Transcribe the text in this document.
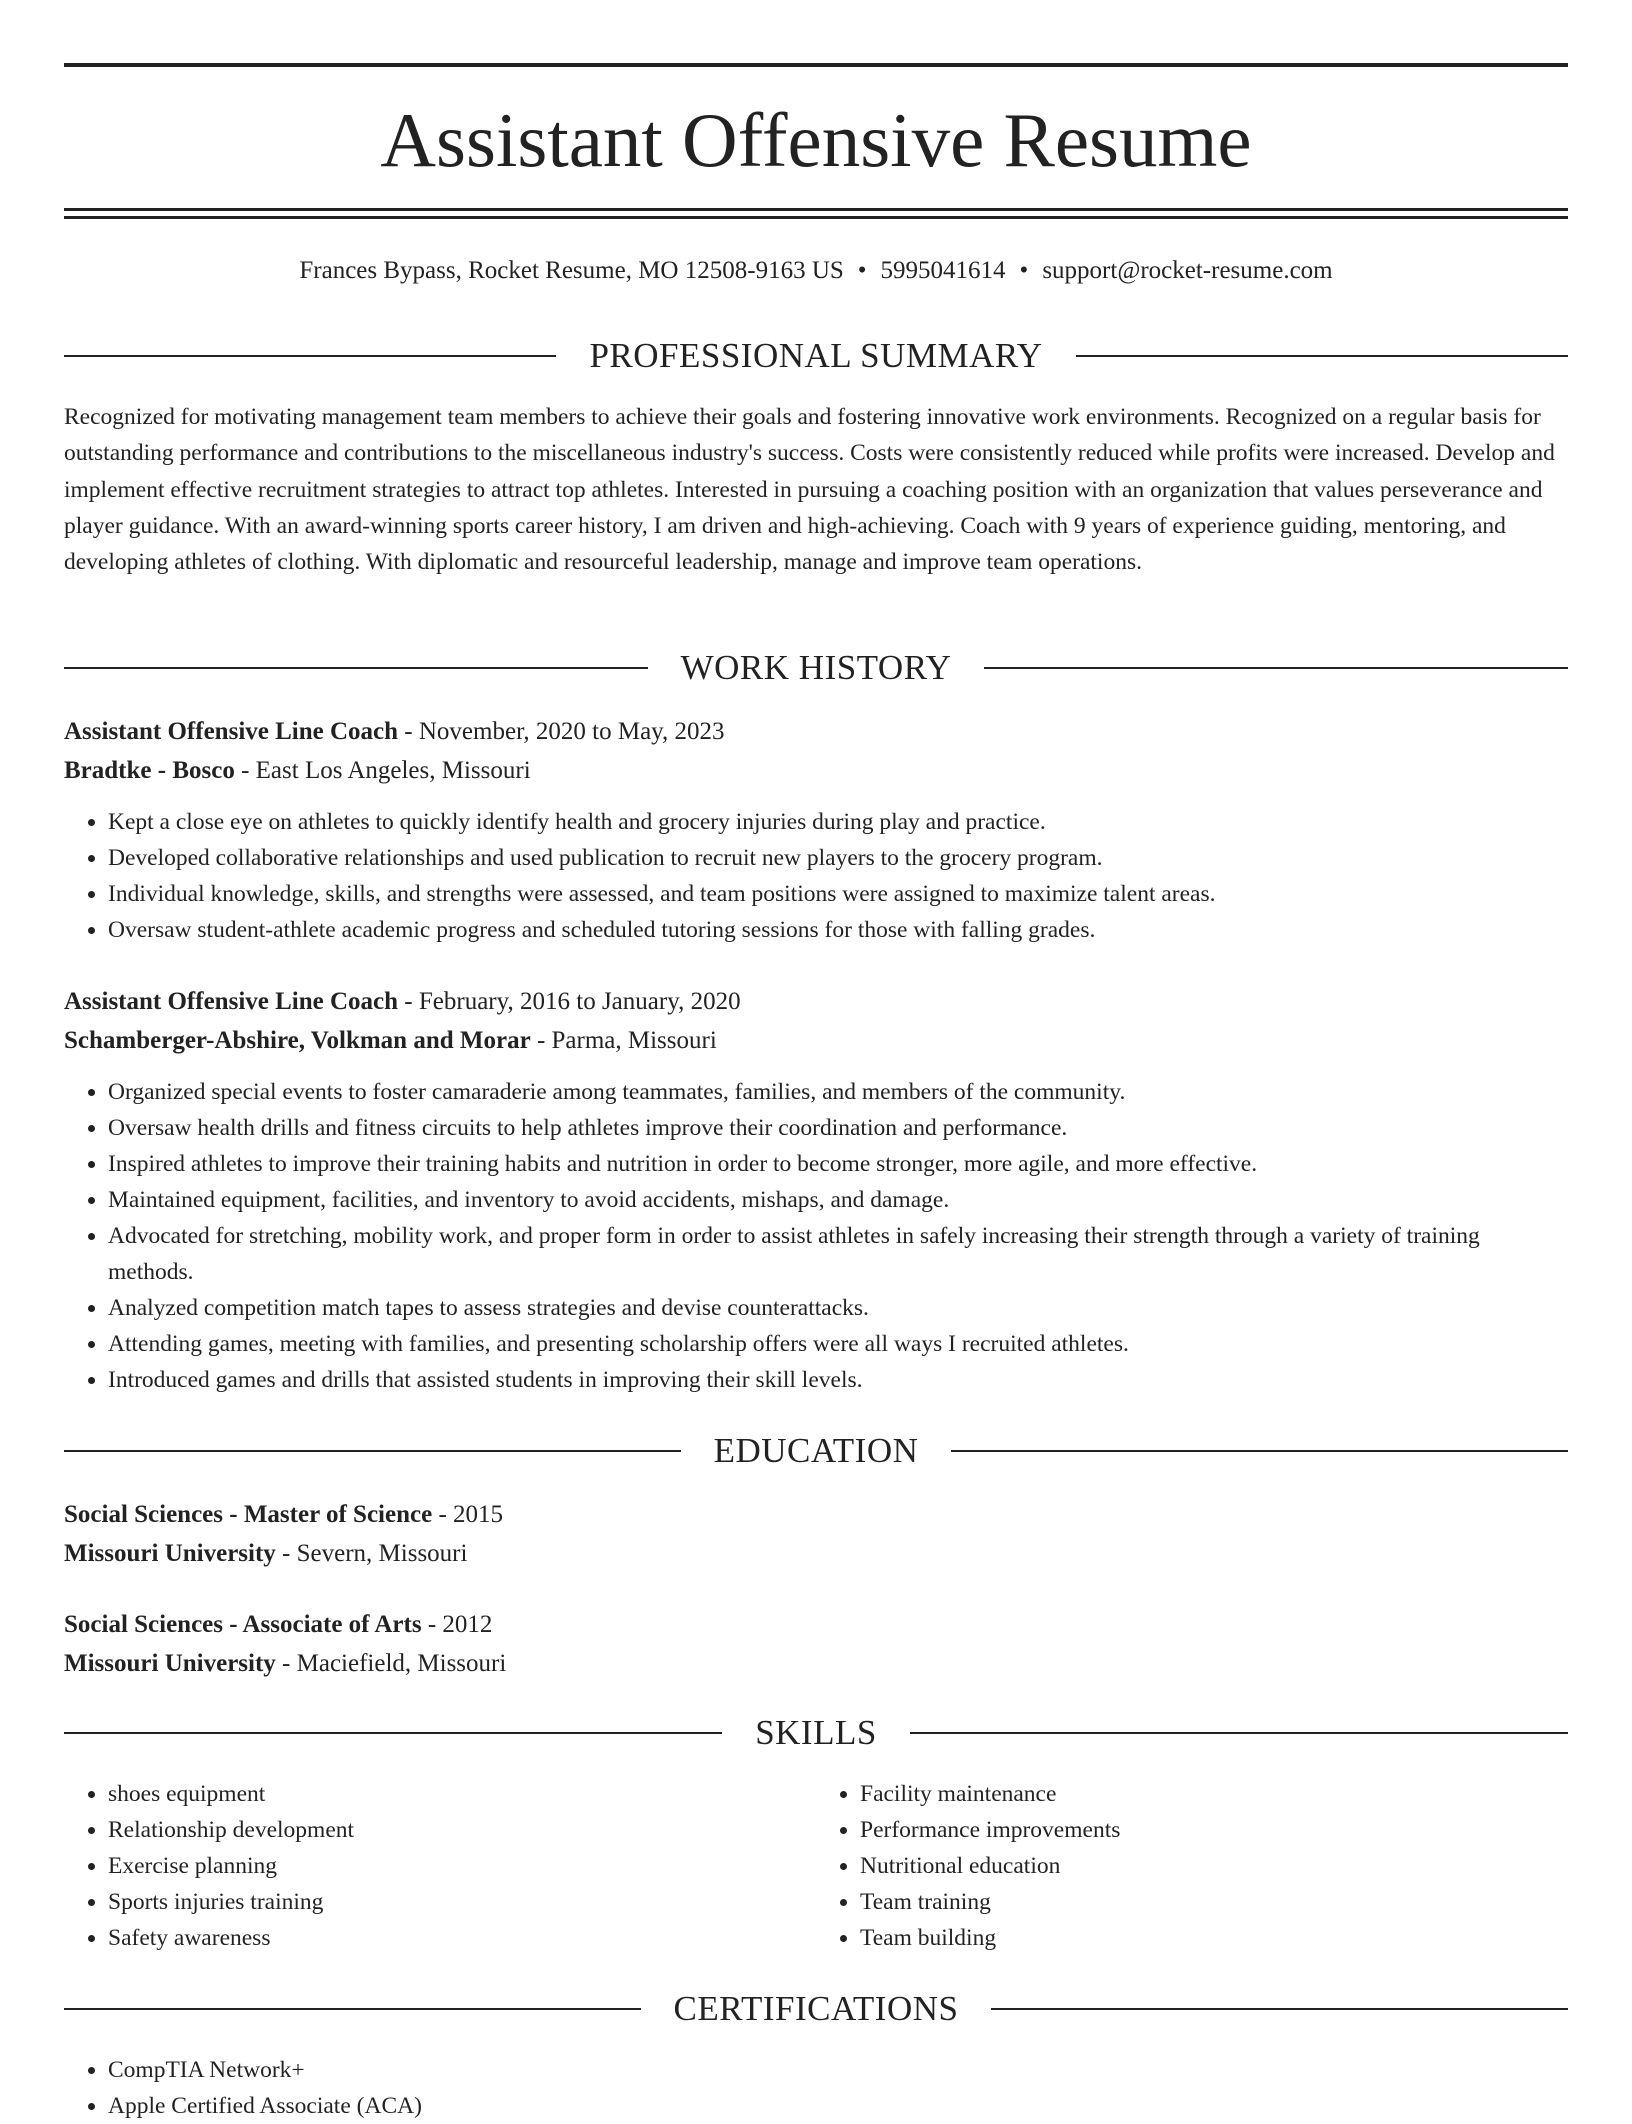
Assistant Offensive Resume
Frances Bypass, Rocket Resume, MO 12508-9163 US • 5995041614 • support@rocket-resume.com
PROFESSIONAL SUMMARY

Recognized for motivating management team members to achieve their goals and fostering innovative work environments. Recognized on a regular basis for outstanding performance and contributions to the miscellaneous industry's success. Costs were consistently reduced while profits were increased. Develop and implement effective recruitment strategies to attract top athletes. Interested in pursuing a coaching position with an organization that values perseverance and player guidance. With an award-winning sports career history, I am driven and high-achieving. Coach with 9 years of experience guiding, mentoring, and developing athletes of clothing. With diplomatic and resourceful leadership, manage and improve team operations.

WORK HISTORY
Assistant Offensive Line Coach - November, 2020 to May, 2023
Bradtke - Bosco - East Los Angeles, Missouri
• Kept a close eye on athletes to quickly identify health and grocery injuries during play and practice.
• Developed collaborative relationships and used publication to recruit new players to the grocery program.
• Individual knowledge, skills, and strengths were assessed, and team positions were assigned to maximize talent areas.
• Oversaw student-athlete academic progress and scheduled tutoring sessions for those with falling grades.
Assistant Offensive Line Coach - February, 2016 to January, 2020
Schamberger-Abshire, Volkman and Morar - Parma, Missouri
• Organized special events to foster camaraderie among teammates, families, and members of the community.
• Oversaw health drills and fitness circuits to help athletes improve their coordination and performance.
• Inspired athletes to improve their training habits and nutrition in order to become stronger, more agile, and more effective.
• Maintained equipment, facilities, and inventory to avoid accidents, mishaps, and damage.
• Advocated for stretching, mobility work, and proper form in order to assist athletes in safely increasing their strength through a variety of training methods.
• Analyzed competition match tapes to assess strategies and devise counterattacks.
• Attending games, meeting with families, and presenting scholarship offers were all ways I recruited athletes.
• Introduced games and drills that assisted students in improving their skill levels.
EDUCATION
Social Sciences - Master of Science - 2015
Missouri University - Severn, Missouri
Social Sciences - Associate of Arts - 2012
Missouri University - Maciefield, Missouri
SKILLS
• shoes equipment
• Relationship development
• Exercise planning
• Sports injuries training
• Safety awareness
• Facility maintenance
• Performance improvements
• Nutritional education
• Team training
• Team building
CERTIFICATIONS
• CompTIA Network+
• Apple Certified Associate (ACA)
